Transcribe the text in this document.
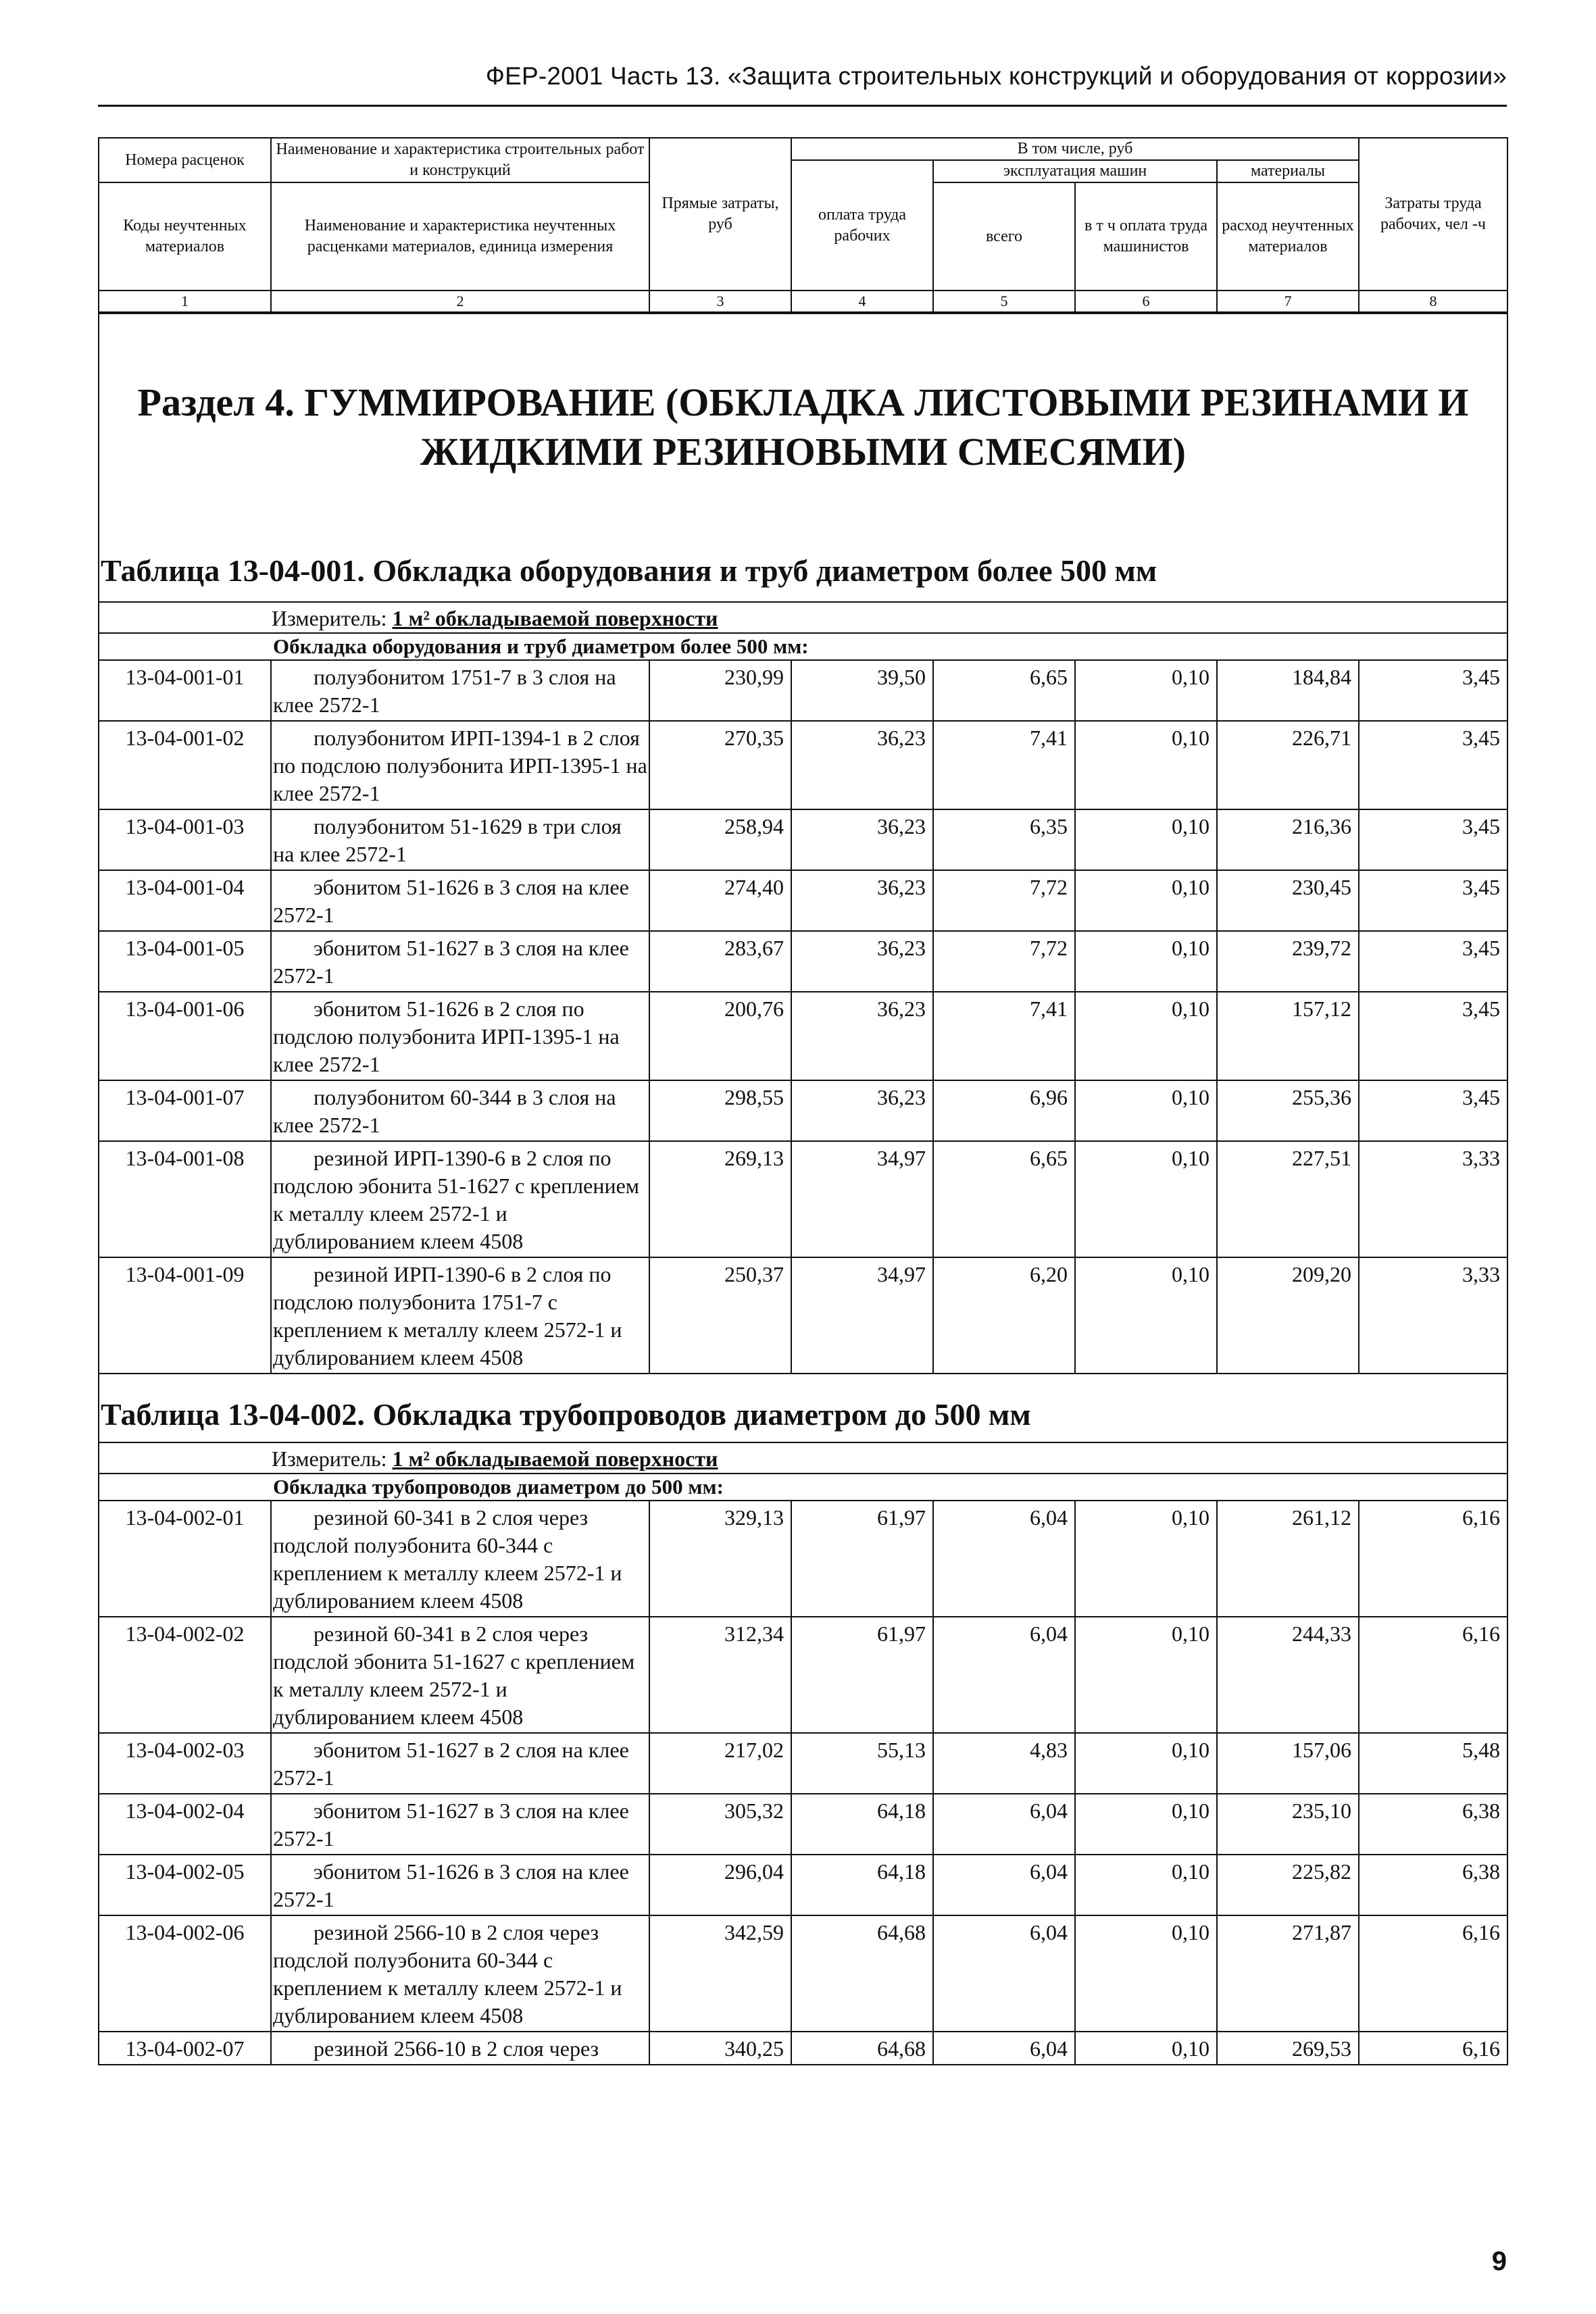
ФЕР-2001 Часть 13. «Защита строительных конструкций и оборудования от коррозии»
Номера расценок	Наименование и характеристика строительных работ и конструкций	Прямые затраты, руб	В том числе, руб				Затраты труда рабочих, чел -ч
			оплата труда рабочих	эксплуатация машин		материалы	
Коды неучтенных материалов	Наименование и характеристика неучтенных расценками материалов, единица измерения			всего	в т ч оплата труда машинистов	расход неучтенных материалов	

1	2	3	4	5	6	7	8

Раздел 4. ГУММИРОВАНИЕ (ОБКЛАДКА ЛИСТОВЫМИ РЕЗИНАМИ И ЖИДКИМИ РЕЗИНОВЫМИ СМЕСЯМИ)							

Таблица 13-04-001. Обкладка оборудования и труб диаметром более 500 мм							

Измеритель: 1 м² обкладываемой поверхности							

Обкладка оборудования и труб диаметром более 500 мм:							

13-04-001-01	полуэбонитом 1751-7 в 3 слоя на клее 2572-1	230,99	39,50	6,65	0,10	184,84	3,45
13-04-001-02	полуэбонитом ИРП-1394-1 в 2 слоя по подслою полуэбонита ИРП-1395-1 на клее 2572-1	270,35	36,23	7,41	0,10	226,71	3,45
13-04-001-03	полуэбонитом 51-1629 в три слоя на клее 2572-1	258,94	36,23	6,35	0,10	216,36	3,45
13-04-001-04	эбонитом 51-1626 в 3 слоя на клее 2572-1	274,40	36,23	7,72	0,10	230,45	3,45
13-04-001-05	эбонитом 51-1627 в 3 слоя на клее 2572-1	283,67	36,23	7,72	0,10	239,72	3,45
13-04-001-06	эбонитом 51-1626 в 2 слоя по подслою полуэбонита ИРП-1395-1 на клее 2572-1	200,76	36,23	7,41	0,10	157,12	3,45
13-04-001-07	полуэбонитом 60-344 в 3 слоя на клее 2572-1	298,55	36,23	6,96	0,10	255,36	3,45
13-04-001-08	резиной ИРП-1390-6 в 2 слоя по подслою эбонита 51-1627 с креплением к металлу клеем 2572-1 и дублированием клеем 4508	269,13	34,97	6,65	0,10	227,51	3,33
13-04-001-09	резиной ИРП-1390-6 в 2 слоя по подслою полуэбонита 1751-7 с креплением к металлу клеем 2572-1 и дублированием клеем 4508	250,37	34,97	6,20	0,10	209,20	3,33

Таблица 13-04-002. Обкладка трубопроводов диаметром до 500 мм							

Измеритель: 1 м² обкладываемой поверхности							

Обкладка трубопроводов диаметром до 500 мм:							

13-04-002-01	резиной 60-341 в 2 слоя через подслой полуэбонита 60-344 с креплением к металлу клеем 2572-1 и дублированием клеем 4508	329,13	61,97	6,04	0,10	261,12	6,16
13-04-002-02	резиной 60-341 в 2 слоя через подслой эбонита 51-1627 с креплением к металлу клеем 2572-1 и дублированием клеем 4508	312,34	61,97	6,04	0,10	244,33	6,16
13-04-002-03	эбонитом 51-1627 в 2 слоя на клее 2572-1	217,02	55,13	4,83	0,10	157,06	5,48
13-04-002-04	эбонитом 51-1627 в 3 слоя на клее 2572-1	305,32	64,18	6,04	0,10	235,10	6,38
13-04-002-05	эбонитом 51-1626 в 3 слоя на клее 2572-1	296,04	64,18	6,04	0,10	225,82	6,38
13-04-002-06	резиной 2566-10 в 2 слоя через подслой полуэбонита 60-344 с креплением к металлу клеем 2572-1 и дублированием клеем 4508	342,59	64,68	6,04	0,10	271,87	6,16
13-04-002-07	резиной 2566-10 в 2 слоя через	340,25	64,68	6,04	0,10	269,53	6,16
9
